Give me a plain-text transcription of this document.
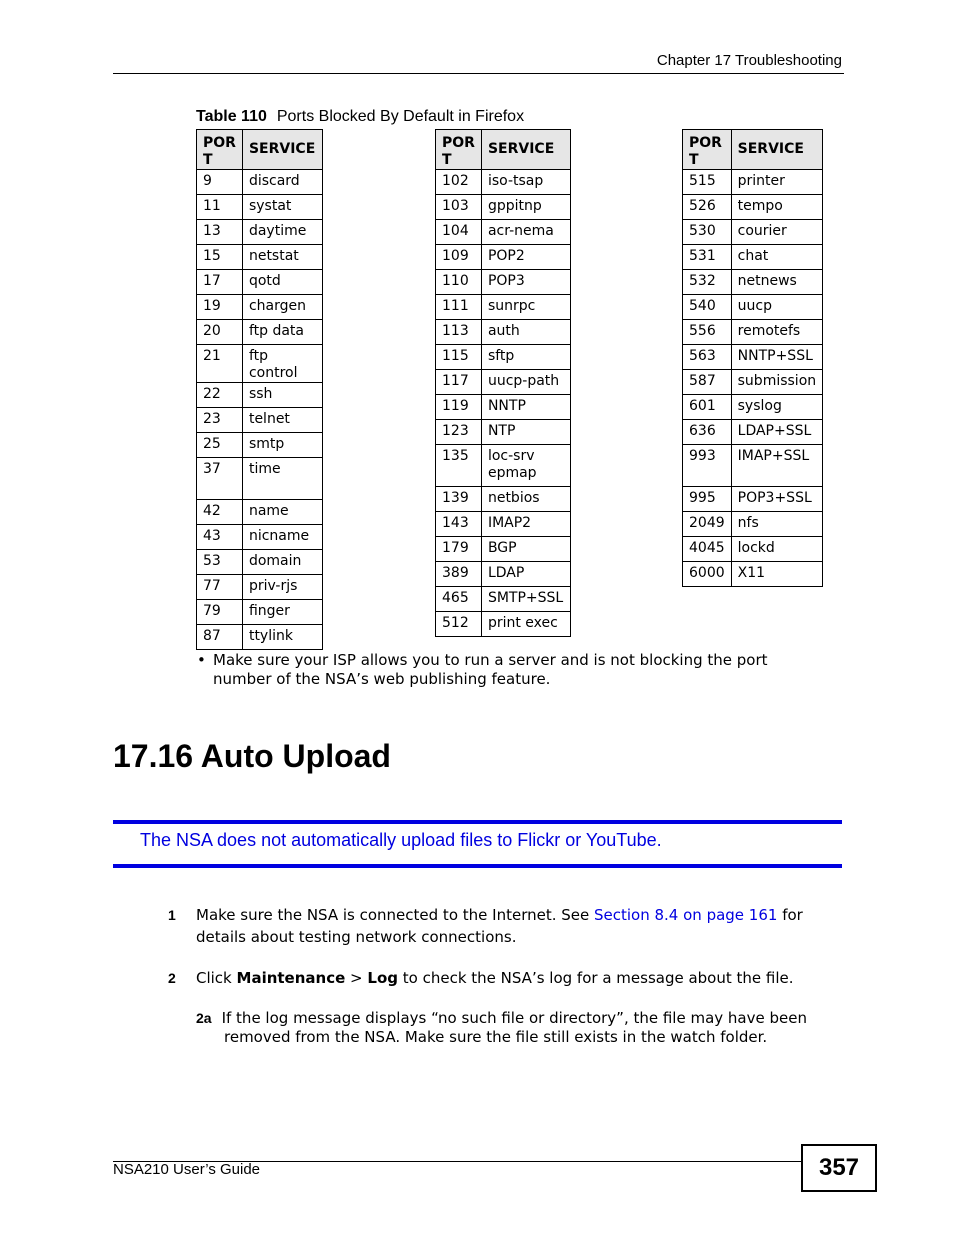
Chapter 17 Troubleshooting
Table 110 Ports Blocked By Default in Firefox
POR
T	SERVICE
9	discard
11	systat
13	daytime
15	netstat
17	qotd
19	chargen
20	ftp data
21	ftp control
22	ssh
23	telnet
25	smtp
37	time
42	name
43	nicname
53	domain
77	priv-rjs
79	finger
87	ttylink
POR
T	SERVICE
102	iso-tsap
103	gppitnp
104	acr-nema
109	POP2
110	POP3
111	sunrpc
113	auth
115	sftp
117	uucp-path
119	NNTP
123	NTP
135	loc-srv epmap
139	netbios
143	IMAP2
179	BGP
389	LDAP
465	SMTP+SSL
512	print exec
POR
T	SERVICE
515	printer
526	tempo
530	courier
531	chat
532	netnews
540	uucp
556	remotefs
563	NNTP+SSL
587	submission
601	syslog
636	LDAP+SSL
993	IMAP+SSL
995	POP3+SSL
2049	nfs
4045	lockd
6000	X11
• Make sure your ISP allows you to run a server and is not blocking the port number of the NSA’s web publishing feature.
17.16 Auto Upload
The NSA does not automatically upload files to Flickr or YouTube.
1 Make sure the NSA is connected to the Internet. See Section 8.4 on page 161 for details about testing network connections.
2 Click Maintenance > Log to check the NSA’s log for a message about the file.
2a If the log message displays “no such file or directory”, the file may have been
removed from the NSA. Make sure the file still exists in the watch folder.
NSA210 User’s Guide	357
